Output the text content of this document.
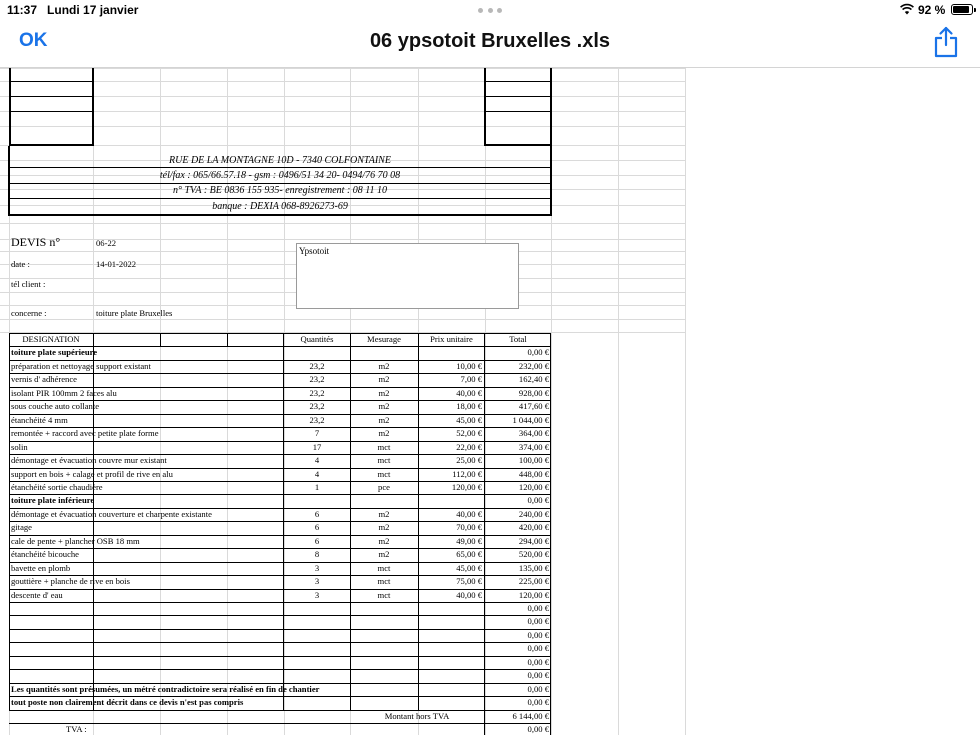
11:37 Lundi 17 janvier	92 %
OK	06 ypsotoit Bruxelles .xls
RUE DE LA MONTAGNE 10D - 7340 COLFONTAINE
tél/fax : 065/66.57.18 - gsm : 0496/51 34 20- 0494/76 70 08
n° TVA : BE 0836 155 935- enregistrement : 08 11 10
banque : DEXIA 068-8926273-69
DEVIS n°	06-22
date :	14-01-2022
tél client :
concerne :	toiture plate Bruxelles
Ypsotoit
DESIGNATION	Quantités	Mesurage	Prix unitaire	Total
toiture plate supérieure	0,00 €
préparation et nettoyage support existant	23,2	m2	10,00 €	232,00 €
vernis d' adhérence	23,2	m2	7,00 €	162,40 €
isolant PIR 100mm 2 faces alu	23,2	m2	40,00 €	928,00 €
sous couche auto collante	23,2	m2	18,00 €	417,60 €
étanchéité 4 mm	23,2	m2	45,00 €	1 044,00 €
remontée + raccord avec petite plate forme	7	m2	52,00 €	364,00 €
solin	17	mct	22,00 €	374,00 €
démontage et évacuation couvre mur existant	4	mct	25,00 €	100,00 €
support en bois + calage et profil de rive en alu	4	mct	112,00 €	448,00 €
étanchéité sortie chaudière	1	pce	120,00 €	120,00 €
toiture plate inférieure	0,00 €
démontage et évacuation couverture et charpente existante	6	m2	40,00 €	240,00 €
gitage	6	m2	70,00 €	420,00 €
cale de pente + plancher OSB 18 mm	6	m2	49,00 €	294,00 €
étanchéité bicouche	8	m2	65,00 €	520,00 €
bavette en plomb	3	mct	45,00 €	135,00 €
gouttière + planche de rive en bois	3	mct	75,00 €	225,00 €
descente d' eau	3	mct	40,00 €	120,00 €
0,00 €
0,00 €
0,00 €
0,00 €
0,00 €
0,00 €
Les quantités sont présumées, un métré contradictoire sera réalisé en fin de chantier	0,00 €
tout poste non clairement décrit dans ce devis n'est pas compris	0,00 €
Montant hors TVA	6 144,00 €
TVA :	0,00 €
